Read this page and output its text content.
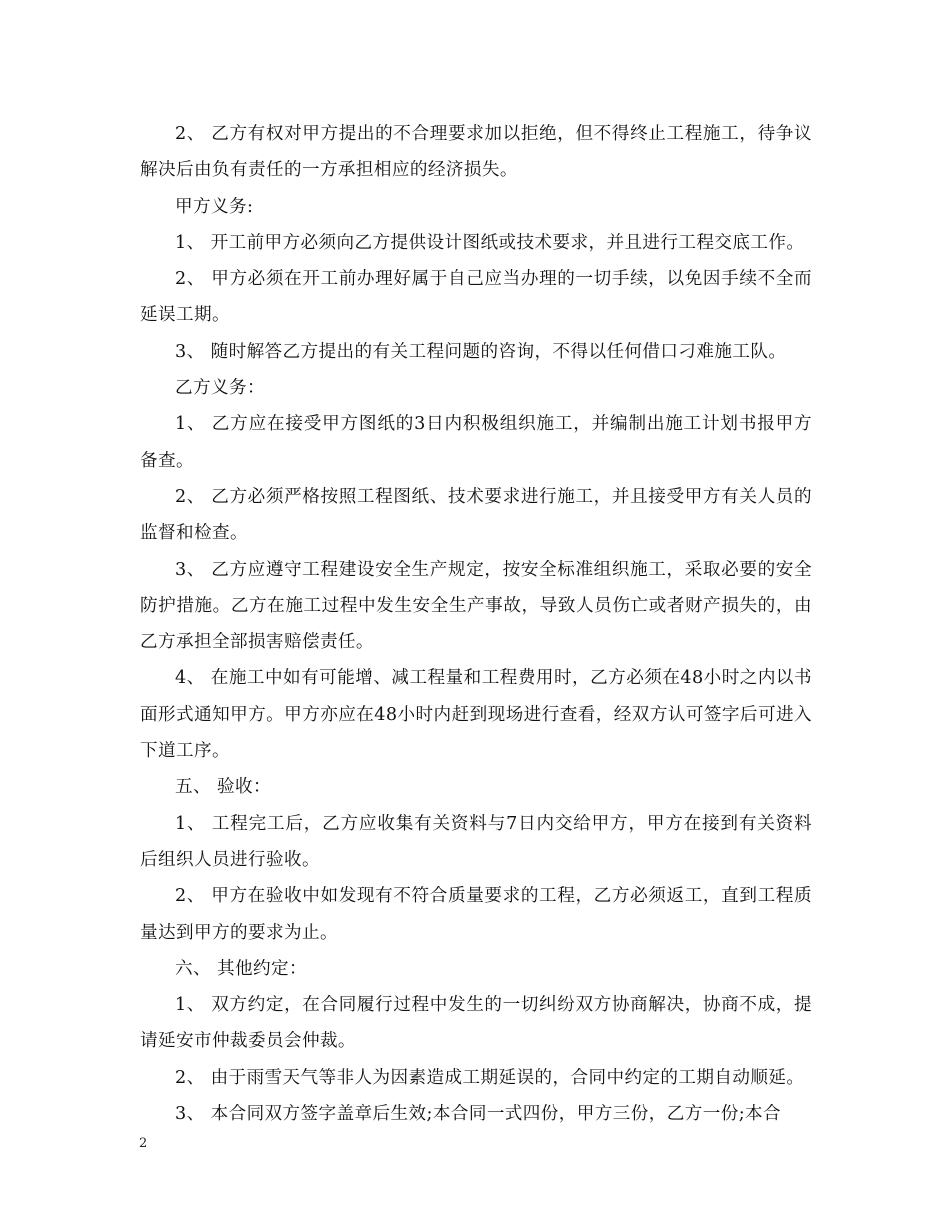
2、 乙方有权对甲方提出的不合理要求加以拒绝，但不得终止工程施工，待争议解决后由负有责任的一方承担相应的经济损失。

甲方义务:

1、 开工前甲方必须向乙方提供设计图纸或技术要求，并且进行工程交底工作。

2、 甲方必须在开工前办理好属于自己应当办理的一切手续，以免因手续不全而延误工期。

3、 随时解答乙方提出的有关工程问题的咨询，不得以任何借口刁难施工队。

乙方义务：

1、 乙方应在接受甲方图纸的3日内积极组织施工，并编制出施工计划书报甲方备查。

2、 乙方必须严格按照工程图纸、技术要求进行施工，并且接受甲方有关人员的监督和检查。

3、 乙方应遵守工程建设安全生产规定，按安全标准组织施工，采取必要的安全防护措施。乙方在施工过程中发生安全生产事故，导致人员伤亡或者财产损失的，由乙方承担全部损害赔偿责任。

4、 在施工中如有可能增、减工程量和工程费用时，乙方必须在48小时之内以书面形式通知甲方。甲方亦应在48小时内赶到现场进行查看，经双方认可签字后可进入下道工序。

五、 验收：

1、 工程完工后，乙方应收集有关资料与7日内交给甲方，甲方在接到有关资料后组织人员进行验收。

2、 甲方在验收中如发现有不符合质量要求的工程，乙方必须返工，直到工程质量达到甲方的要求为止。

六、 其他约定：

1、 双方约定，在合同履行过程中发生的一切纠纷双方协商解决，协商不成，提请延安市仲裁委员会仲裁。

2、 由于雨雪天气等非人为因素造成工期延误的，合同中约定的工期自动顺延。

3、 本合同双方签字盖章后生效;本合同一式四份，甲方三份，乙方一份;本合

2
